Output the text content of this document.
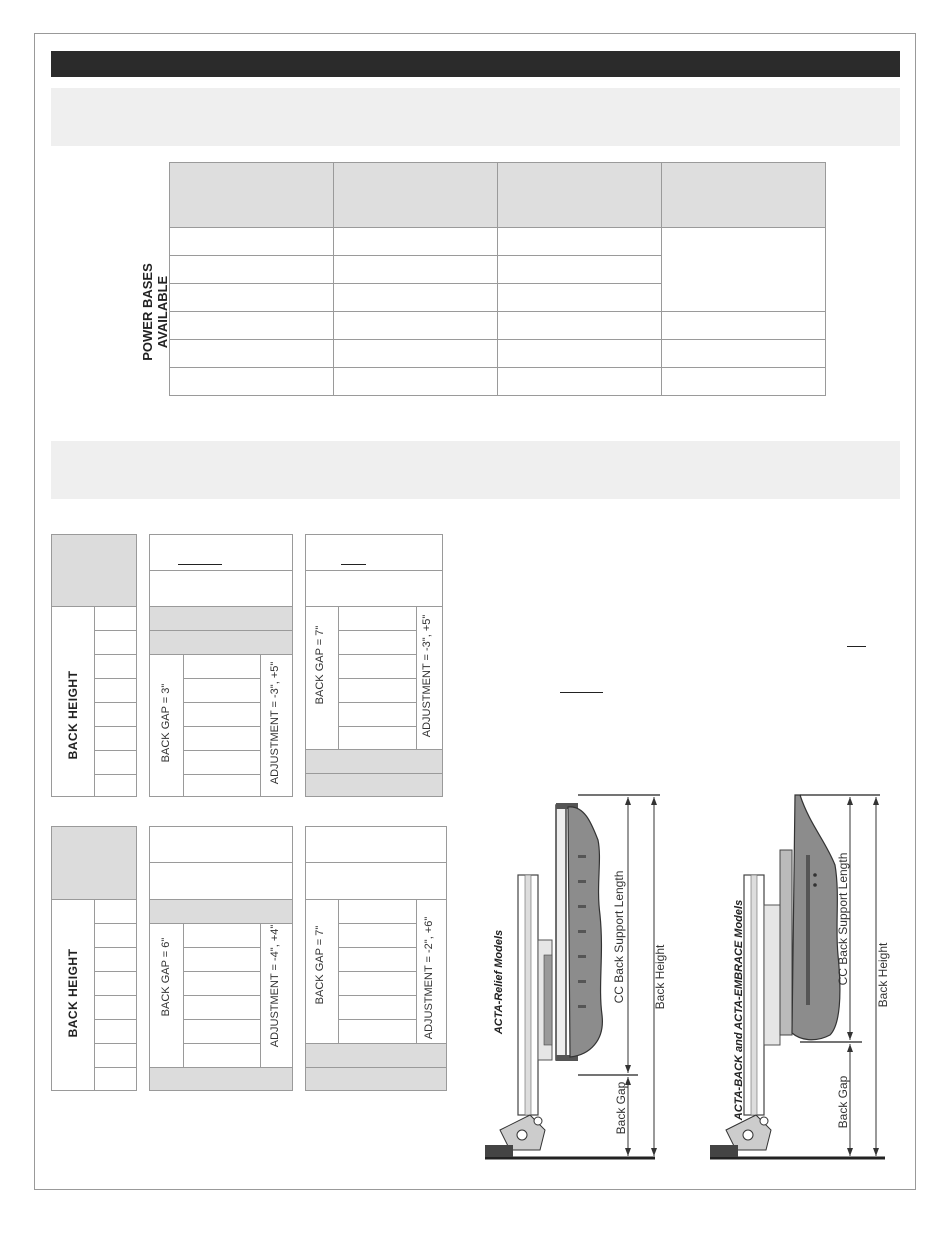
POWER BASES AVAILABLE

BACK HEIGHT	BACK GAP = 3"	ADJUSTMENT = -3", +5"	BACK GAP = 7"	ADJUSTMENT = -3", +5"
BACK HEIGHT	BACK GAP = 6"	ADJUSTMENT = -4", +4"	BACK GAP = 7"	ADJUSTMENT = -2", +6"	ACTA-Relief Models	CC Back Support Length Back Height
Back Gap	ACTA-BACK and ACTA-EMBRACE Models	CC Back Support Length Back Height
Back Gap
